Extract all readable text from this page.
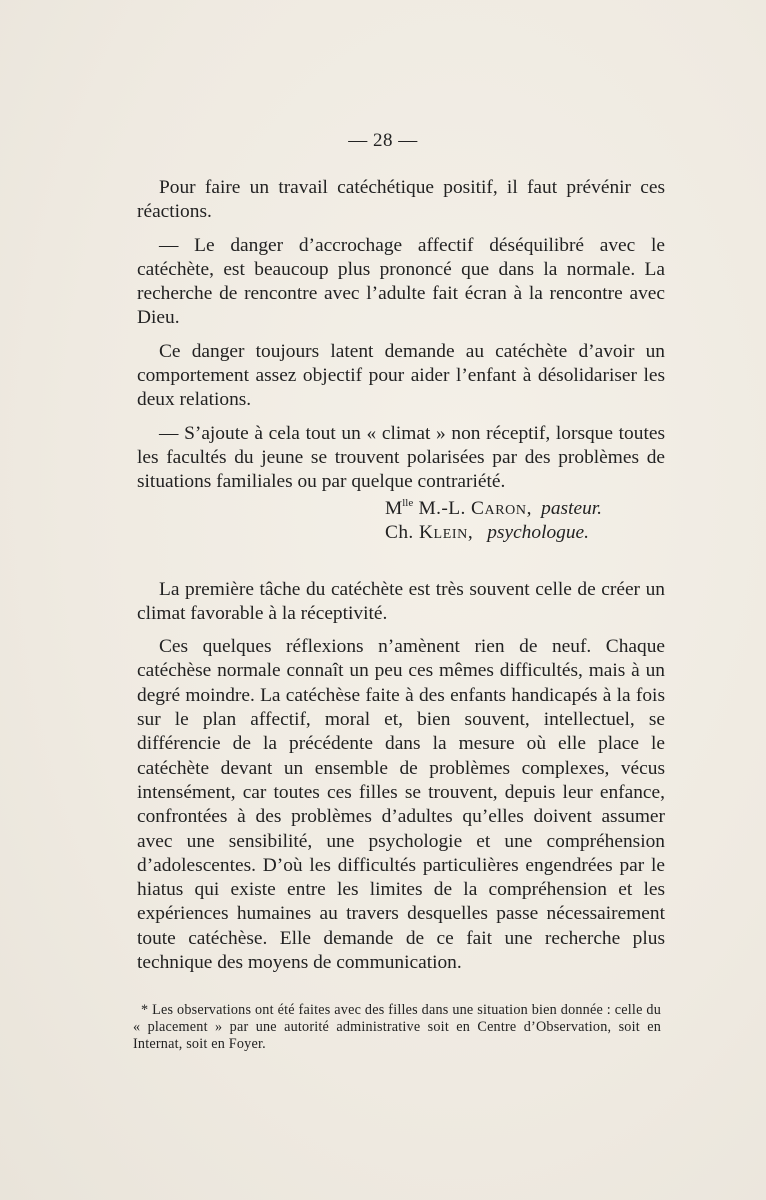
— 28 —

Pour faire un travail catéchétique positif, il faut prévénir ces réactions.

— Le danger d’accrochage affectif déséquilibré avec le catéchète, est beaucoup plus prononcé que dans la normale. La recherche de rencontre avec l’adulte fait écran à la rencontre avec Dieu.

Ce danger toujours latent demande au catéchète d’avoir un comportement assez objectif pour aider l’enfant à désolidariser les deux relations.

— S’ajoute à cela tout un « climat » non réceptif, lorsque toutes les facultés du jeune se trouvent polarisées par des problèmes de situations familiales ou par quelque contrariété.

$M^{lle}$ M.-L. Caron,  pasteur.
Ch. Klein,   psychologue.

La première tâche du catéchète est très souvent celle de créer un climat favorable à la réceptivité.

Ces quelques réflexions n’amènent rien de neuf. Chaque catéchèse normale connaît un peu ces mêmes difficultés, mais à un degré moindre. La catéchèse faite à des enfants handicapés à la fois sur le plan affectif, moral et, bien souvent, intellectuel, se différencie de la précédente dans la mesure où elle place le catéchète devant un ensemble de problèmes complexes, vécus intensément, car toutes ces filles se trouvent, depuis leur enfance, confrontées à des problèmes d’adultes qu’elles doivent assumer avec une sensibilité, une psychologie et une compréhension d’adolescentes. D’où les difficultés particulières engendrées par le hiatus qui existe entre les limites de la compréhension et les expériences humaines au travers desquelles passe nécessairement toute catéchèse. Elle demande de ce fait une recherche plus technique des moyens de communication.

* Les observations ont été faites avec des filles dans une situation bien donnée : celle du « placement » par une autorité administrative soit en Centre d’Observation, soit en Internat, soit en Foyer.
